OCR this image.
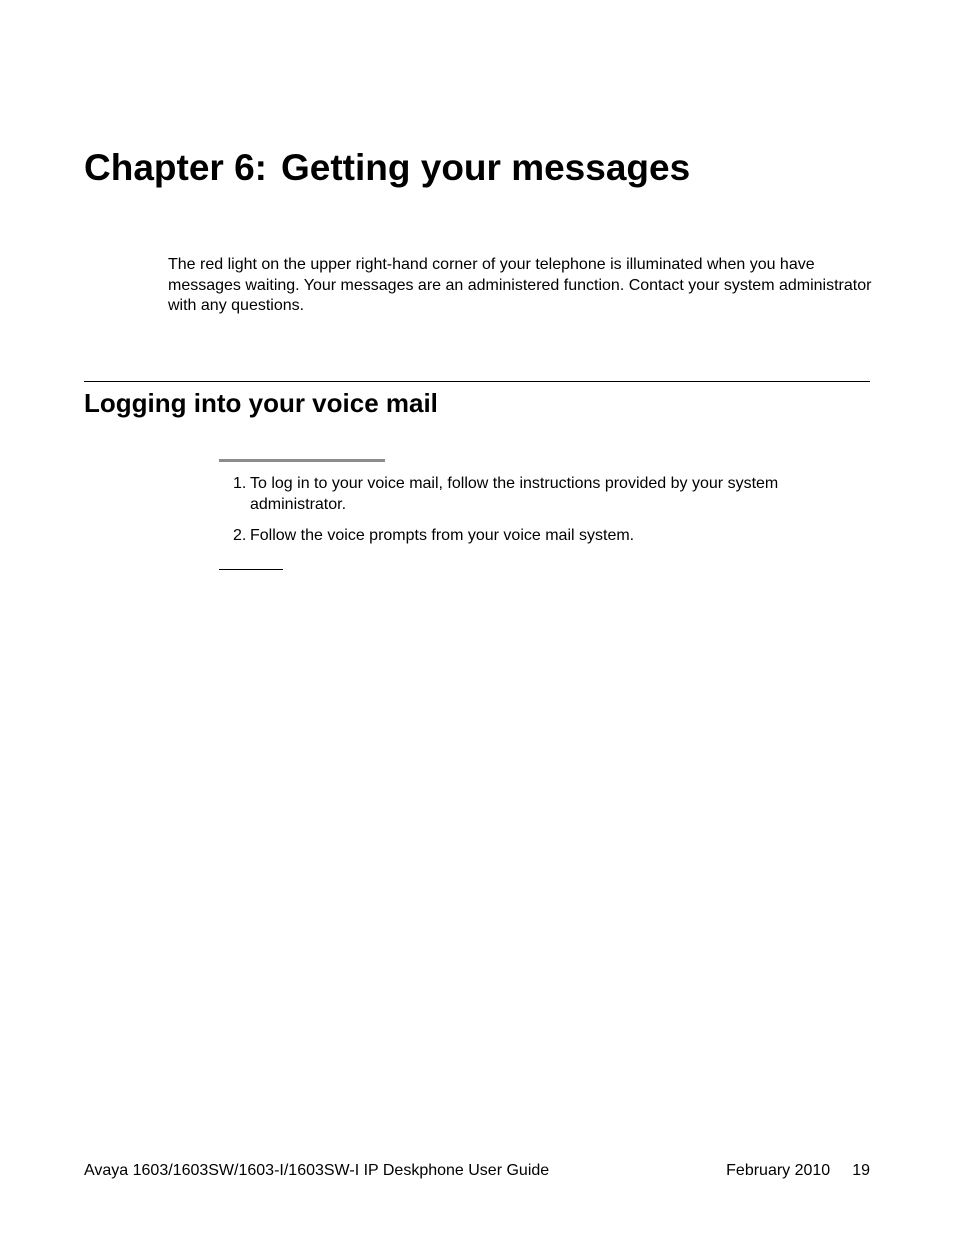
Chapter 6: Getting your messages

The red light on the upper right-hand corner of your telephone is illuminated when you have messages waiting. Your messages are an administered function. Contact your system administrator with any questions.

Logging into your voice mail
1. To log in to your voice mail, follow the instructions provided by your system administrator.
2. Follow the voice prompts from your voice mail system.
Avaya 1603/1603SW/1603-I/1603SW-I IP Deskphone User Guide	February 2010 19
